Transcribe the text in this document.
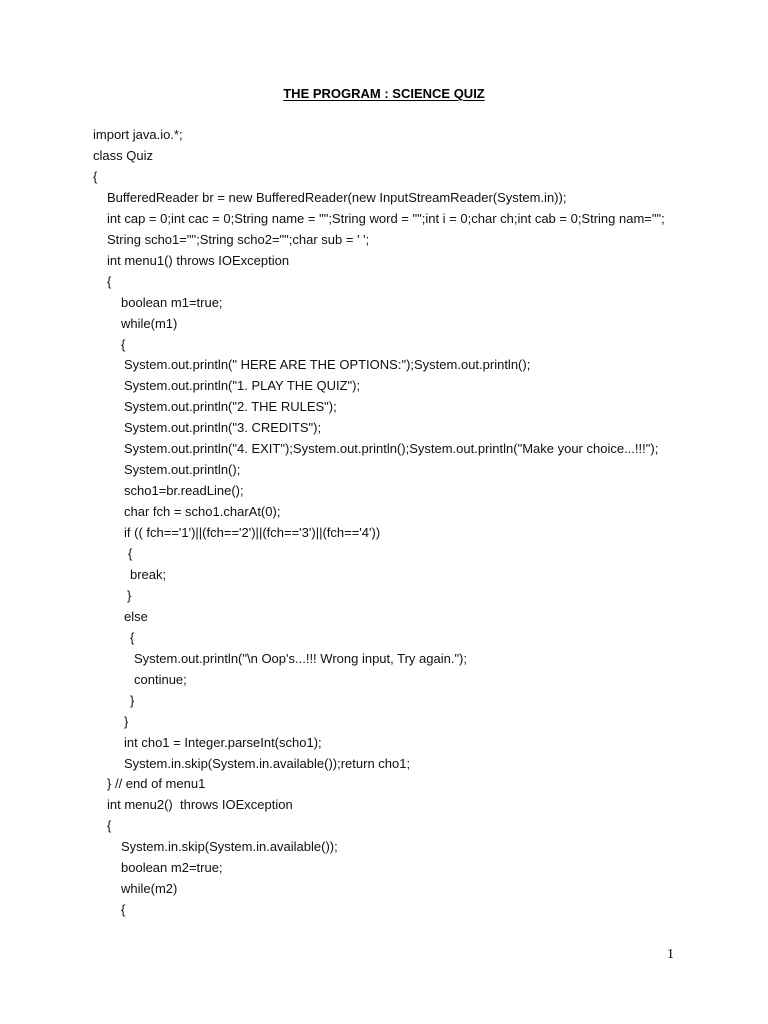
THE PROGRAM : SCIENCE QUIZ
import java.io.*;
class Quiz
{
BufferedReader br = new BufferedReader(new InputStreamReader(System.in));
int cap = 0;int cac = 0;String name = "";String word = "";int i = 0;char ch;int cab = 0;String nam="";
String scho1="";String scho2="";char sub = ' ';
int menu1() throws IOException
{
boolean m1=true;
while(m1)
{
System.out.println(" HERE ARE THE OPTIONS:");System.out.println();
System.out.println("1. PLAY THE QUIZ");
System.out.println("2. THE RULES");
System.out.println("3. CREDITS");
System.out.println("4. EXIT");System.out.println();System.out.println("Make your choice...!!!");
System.out.println();
scho1=br.readLine();
char fch = scho1.charAt(0);
if (( fch=='1')||(fch=='2')||(fch=='3')||(fch=='4'))
{
break;
}
else
{
System.out.println("\n Oop's...!!! Wrong input, Try again.");
continue;
}
}
int cho1 = Integer.parseInt(scho1);
System.in.skip(System.in.available());return cho1;
} // end of menu1
int menu2()  throws IOException
{
System.in.skip(System.in.available());
boolean m2=true;
while(m2)
{
1
